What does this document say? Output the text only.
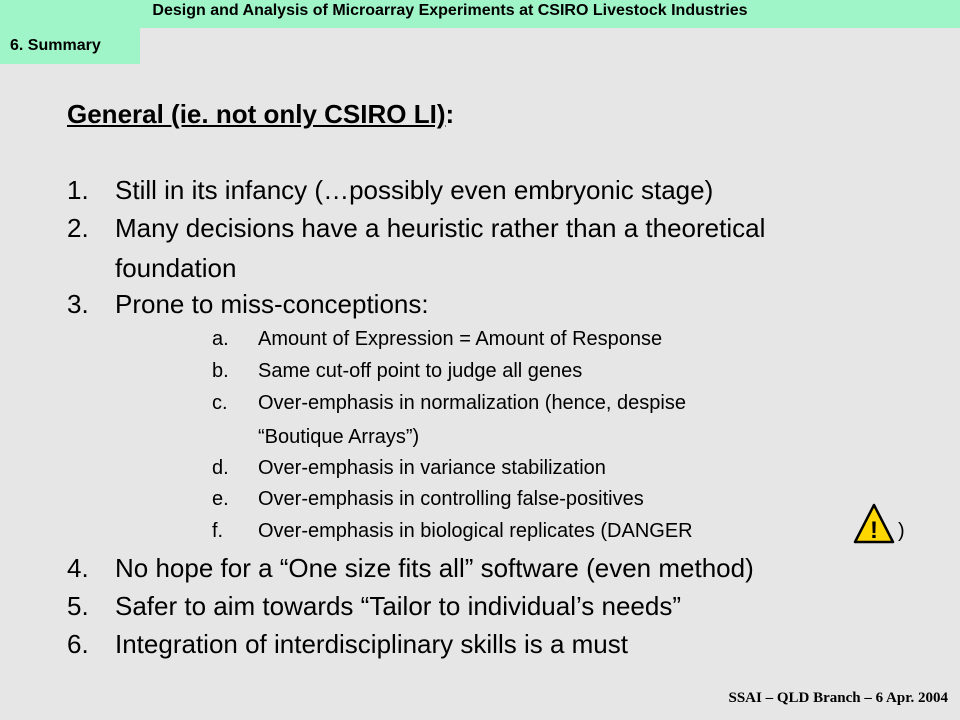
Design and Analysis of Microarray Experiments at CSIRO Livestock Industries
6. Summary
General (ie. not only CSIRO LI):
1. Still in its infancy (…possibly even embryonic stage)
2. Many decisions have a heuristic rather than a theoretical
foundation
3. Prone to miss-conceptions:
a. Amount of Expression = Amount of Response
b. Same cut-off point to judge all genes
c. Over-emphasis in normalization (hence, despise
“Boutique Arrays”)
d. Over-emphasis in variance stabilization
e. Over-emphasis in controlling false-positives
f. Over-emphasis in biological replicates (DANGER	)
!
4. No hope for a “One size fits all” software (even method)
5. Safer to aim towards “Tailor to individual’s needs”
6. Integration of interdisciplinary skills is a must
SSAI – QLD Branch – 6 Apr. 2004
